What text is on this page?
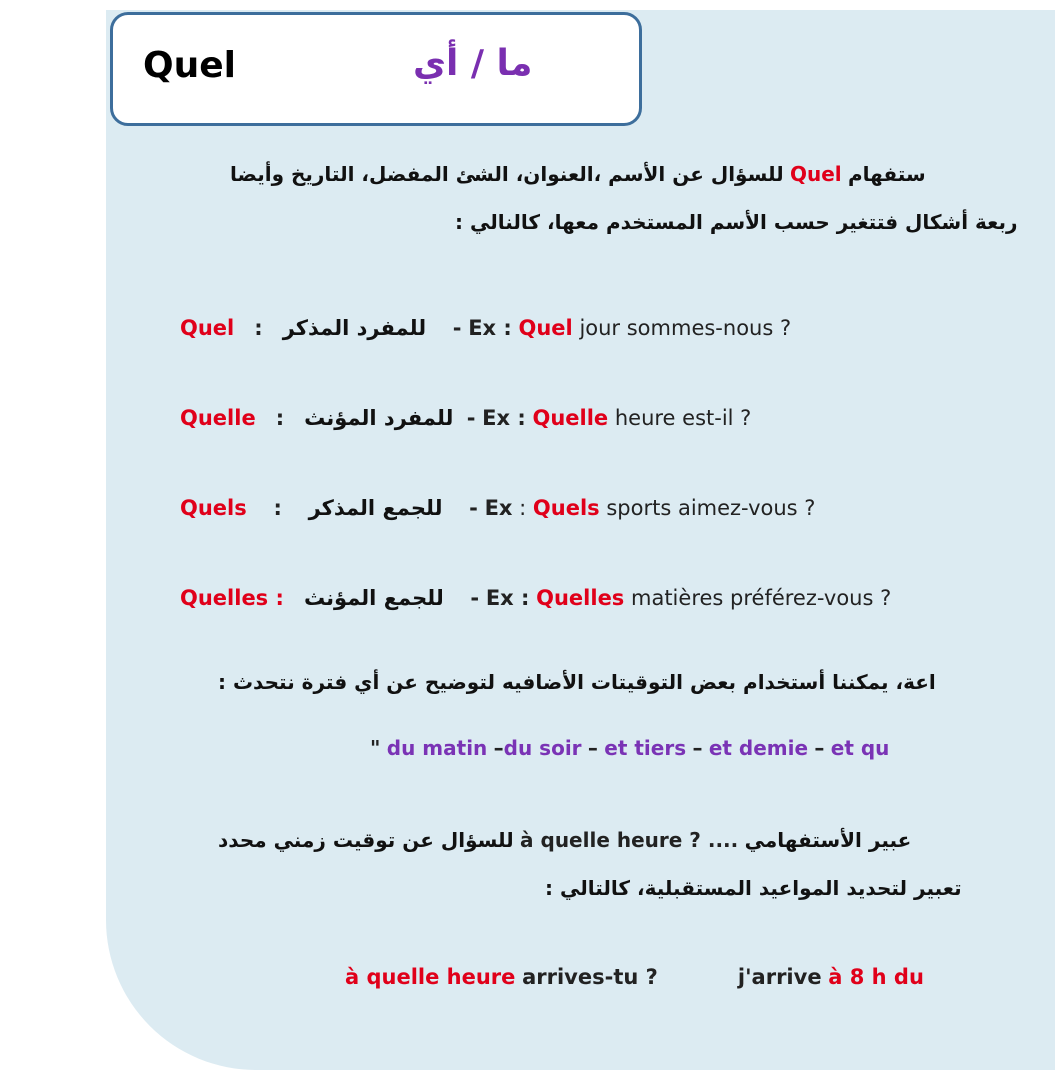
Quel	ما / أي
ستفهام Quel للسؤال عن الأسم ،العنوان، الشئ المفضل، التاريخ وأيضا
ربعة أشكال فتتغير حسب الأسم المستخدم معها، كالنالي :
Quel : للمفرد المذكر - Ex : Quel jour sommes-nous ?
Quelle : للمفرد المؤنث - Ex : Quelle heure est-il ?
Quels : للجمع المذكر - Ex : Quels sports aimez-vous ?
Quelles : للجمع المؤنث - Ex : Quelles matières préférez-vous ?
اعة، يمكننا أستخدام بعض التوقيتات الأضافيه لتوضيح عن أي فترة نتحدث :
" du matin –du soir – et tiers – et demie – et qu
عبير الأستفهامي à quelle heure ? .... للسؤال عن توقيت زمني محدد
تعبير لتحديد المواعيد المستقبلية، كالتالي :
à quelle heure arrives-tu ?	j'arrive à 8 h du
